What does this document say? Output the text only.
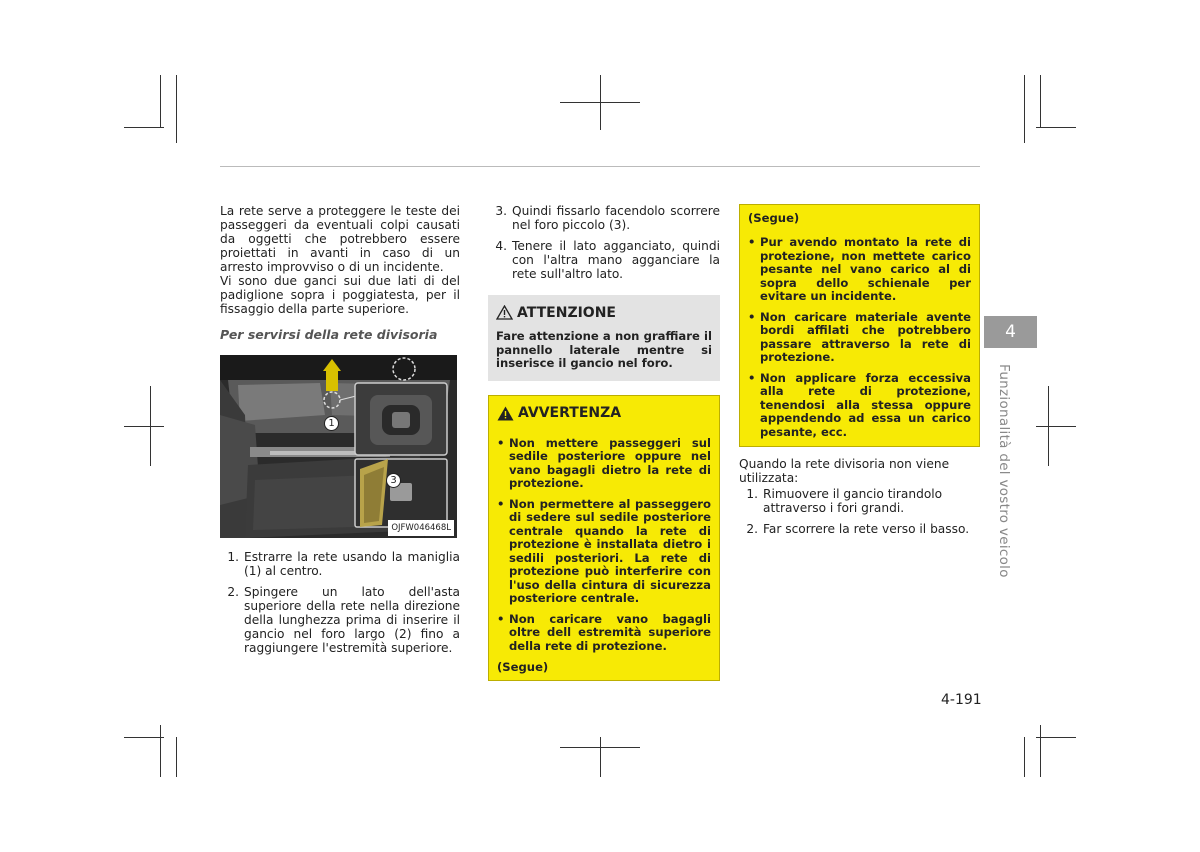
La rete serve a proteggere le teste dei passeggeri da eventuali colpi causati da oggetti che potrebbero essere proiettati in avanti in caso di un arresto improvviso o di un incidente.

Vi sono due ganci sui due lati di del padiglione sopra i poggiatesta, per il fissaggio della parte superiore.

Per servirsi della rete divisoria
1
3
OJFW046468L
1. Estrarre la rete usando la maniglia (1) al centro.
2. Spingere un lato dell'asta superiore della rete nella direzione della lunghezza prima di inserire il gancio nel foro largo (2) fino a raggiungere l'estremità superiore.
3. Quindi fissarlo facendolo scorrere nel foro piccolo (3).
4. Tenere il lato agganciato, quindi con l'altra mano agganciare la rete sull'altro lato.
ATTENZIONE
Fare attenzione a non graffiare il pannello laterale mentre si inserisce il gancio nel foro.
AVVERTENZA
• Non mettere passeggeri sul sedile posteriore oppure nel vano bagagli dietro la rete di protezione.
• Non permettere al passeggero di sedere sul sedile posteriore centrale quando la rete di protezione è installata dietro i sedili posteriori. La rete di protezione può interferire con l'uso della cintura di sicurezza posteriore centrale.
• Non caricare vano bagagli oltre dell estremità superiore della rete di protezione.
(Segue)
(Segue)
• Pur avendo montato la rete di protezione, non mettete carico pesante nel vano carico al di sopra dello schienale per evitare un incidente.
• Non caricare materiale avente bordi affilati che potrebbero passare attraverso la rete di protezione.
• Non applicare forza eccessiva alla rete di protezione, tenendosi alla stessa oppure appendendo ad essa un carico pesante, ecc.

Quando la rete divisoria non viene utilizzata:

1. Rimuovere il gancio tirandolo attraverso i fori grandi.
2. Far scorrere la rete verso il basso.
4
Funzionalità del vostro veicolo
4-191
